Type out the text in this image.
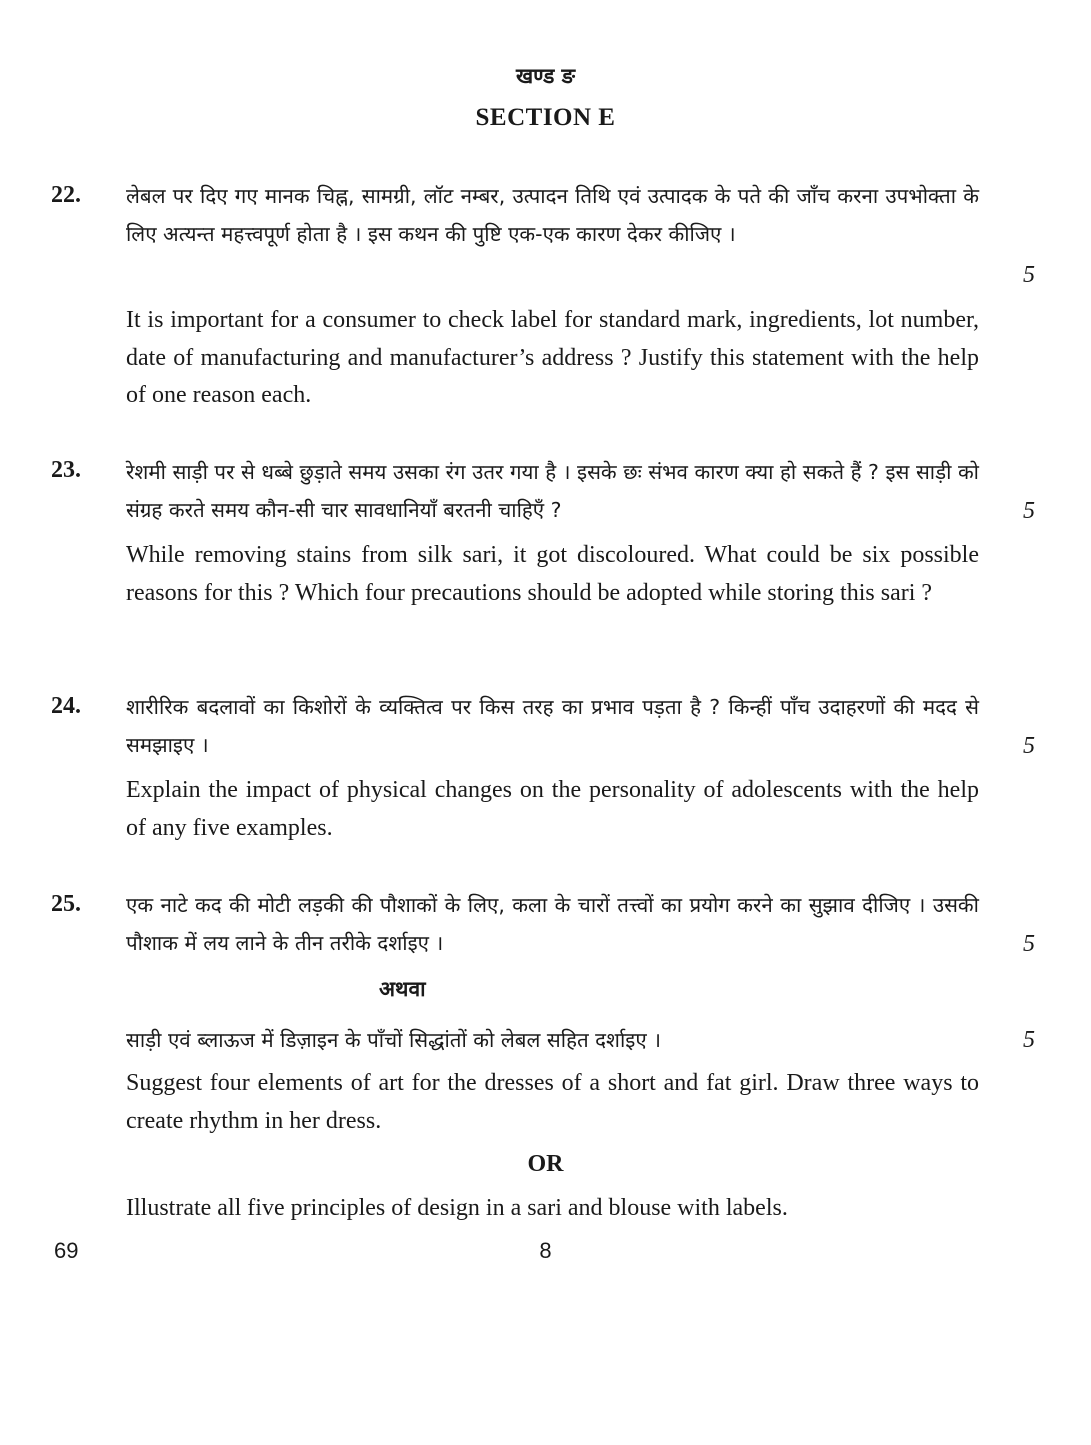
खण्ड ङ
SECTION E
22. लेबल पर दिए गए मानक चिह्न, सामग्री, लॉट नम्बर, उत्पादन तिथि एवं उत्पादक के पते की जाँच करना उपभोक्ता के लिए अत्यन्त महत्त्वपूर्ण होता है । इस कथन की पुष्टि एक-एक कारण देकर कीजिए ।
5
It is important for a consumer to check label for standard mark, ingredients, lot number, date of manufacturing and manufacturer’s address ? Justify this statement with the help of one reason each.
23. रेशमी साड़ी पर से धब्बे छुड़ाते समय उसका रंग उतर गया है । इसके छः संभव कारण क्या हो सकते हैं ? इस साड़ी को संग्रह करते समय कौन-सी चार सावधानियाँ बरतनी चाहिएँ ?	5
While removing stains from silk sari, it got discoloured. What could be six possible reasons for this ? Which four precautions should be adopted while storing this sari ?
24. शारीरिक बदलावों का किशोरों के व्यक्तित्व पर किस तरह का प्रभाव पड़ता है ? किन्हीं पाँच उदाहरणों की मदद से समझाइए ।	5
Explain the impact of physical changes on the personality of adolescents with the help of any five examples.
25. एक नाटे कद की मोटी लड़की की पौशाकों के लिए, कला के चारों तत्त्वों का प्रयोग करने का सुझाव दीजिए । उसकी पौशाक में लय लाने के तीन तरीके दर्शाइए ।	5
अथवा
साड़ी एवं ब्लाऊज में डिज़ाइन के पाँचों सिद्धांतों को लेबल सहित दर्शाइए ।	5
Suggest four elements of art for the dresses of a short and fat girl. Draw three ways to create rhythm in her dress.
OR
Illustrate all five principles of design in a sari and blouse with labels.
69	8
